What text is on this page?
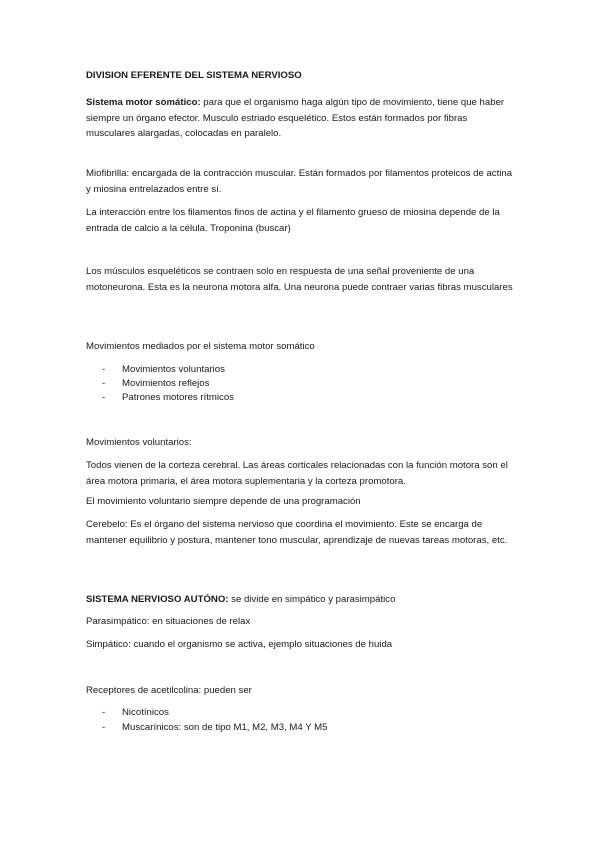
DIVISION EFERENTE DEL SISTEMA NERVIOSO
Sistema motor somático: para que el organismo haga algún tipo de movimiento, tiene que haber siempre un órgano efector. Musculo estriado esquelético. Estos están formados por fibras musculares alargadas, colocadas en paralelo.
Miofibrilla: encargada de la contracción muscular. Están formados por filamentos proteicos de actina y miosina entrelazados entre sí.
La interacción entre los filamentos finos de actina y el filamento grueso de miosina depende de la entrada de calcio a la célula. Troponina (buscar)
Los músculos esqueléticos se contraen solo en respuesta de una señal proveniente de una motoneurona. Esta es la neurona motora alfa. Una neurona puede contraer varias fibras musculares
Movimientos mediados por el sistema motor somático
- Movimientos voluntarios
- Movimientos reflejos
- Patrones motores rítmicos
Movimientos voluntarios:
Todos vienen de la corteza cerebral. Las áreas corticales relacionadas con la función motora son el área motora primaria, el área motora suplementaria y la corteza promotora.
El movimiento voluntario siempre depende de una programación
Cerebelo: Es el órgano del sistema nervioso que coordina el movimiento. Este se encarga de mantener equilibrio y postura, mantener tono muscular, aprendizaje de nuevas tareas motoras, etc.
SISTEMA NERVIOSO AUTÓNO: se divide en simpático y parasimpático
Parasimpático: en situaciones de relax
Simpático: cuando el organismo se activa, ejemplo situaciones de huida
Receptores de acetilcolina: pueden ser
- Nicotínicos
- Muscarínicos: son de tipo M1, M2, M3, M4 Y M5
